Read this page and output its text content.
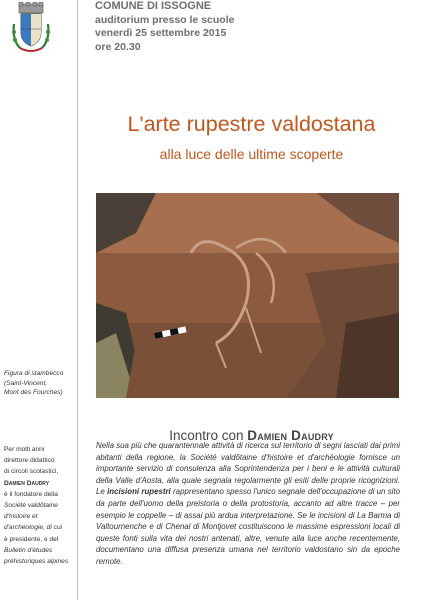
COMUNE DI ISSOGNE
auditorium presso le scuole
venerdì 25 settembre 2015
ore 20.30
L'arte rupestre valdostana
alla luce delle ultime scoperte
Figura di stambecco
(Saint-Vincent,
Mont des Fourches)
Incontro con Damien Daudry
Per molti anni
direttore didattico
di circoli scolastici,
Damien Daudry
è il fondatore della
Société valdôtaine
d'histoire et
d'archéologie, di cui
è presidente, e del
Bulletin d'études
préhistoriques alpines
Nella sua più che quarantennale attività di ricerca sul territorio di segni lasciati dai primi abitanti della regione, la Société valdôtaine d'histoire et d'archéologie fornisce un importante servizio di consulenza alla Soprintendenza per i beni e le attività culturali della Valle d'Aosta, alla quale segnala regolarmente gli esiti delle proprie ricognizioni. Le incisioni rupestri rappresentano spesso l'unico segnale dell'occupazione di un sito da parte dell'uomo della preistoria o della protostoria, accanto ad altre tracce – per esempio le coppelle – di assai più ardua interpretazione. Se le incisioni di La Barma di Valtournenche e di Chenal di Montjovet costituiscono le massime espressioni locali di queste fonti sulla vita dei nostri antenati, altre, venute alla luce anche recentemente, documentano una diffusa presenza umana nel territorio valdostano sin da epoche remote.
